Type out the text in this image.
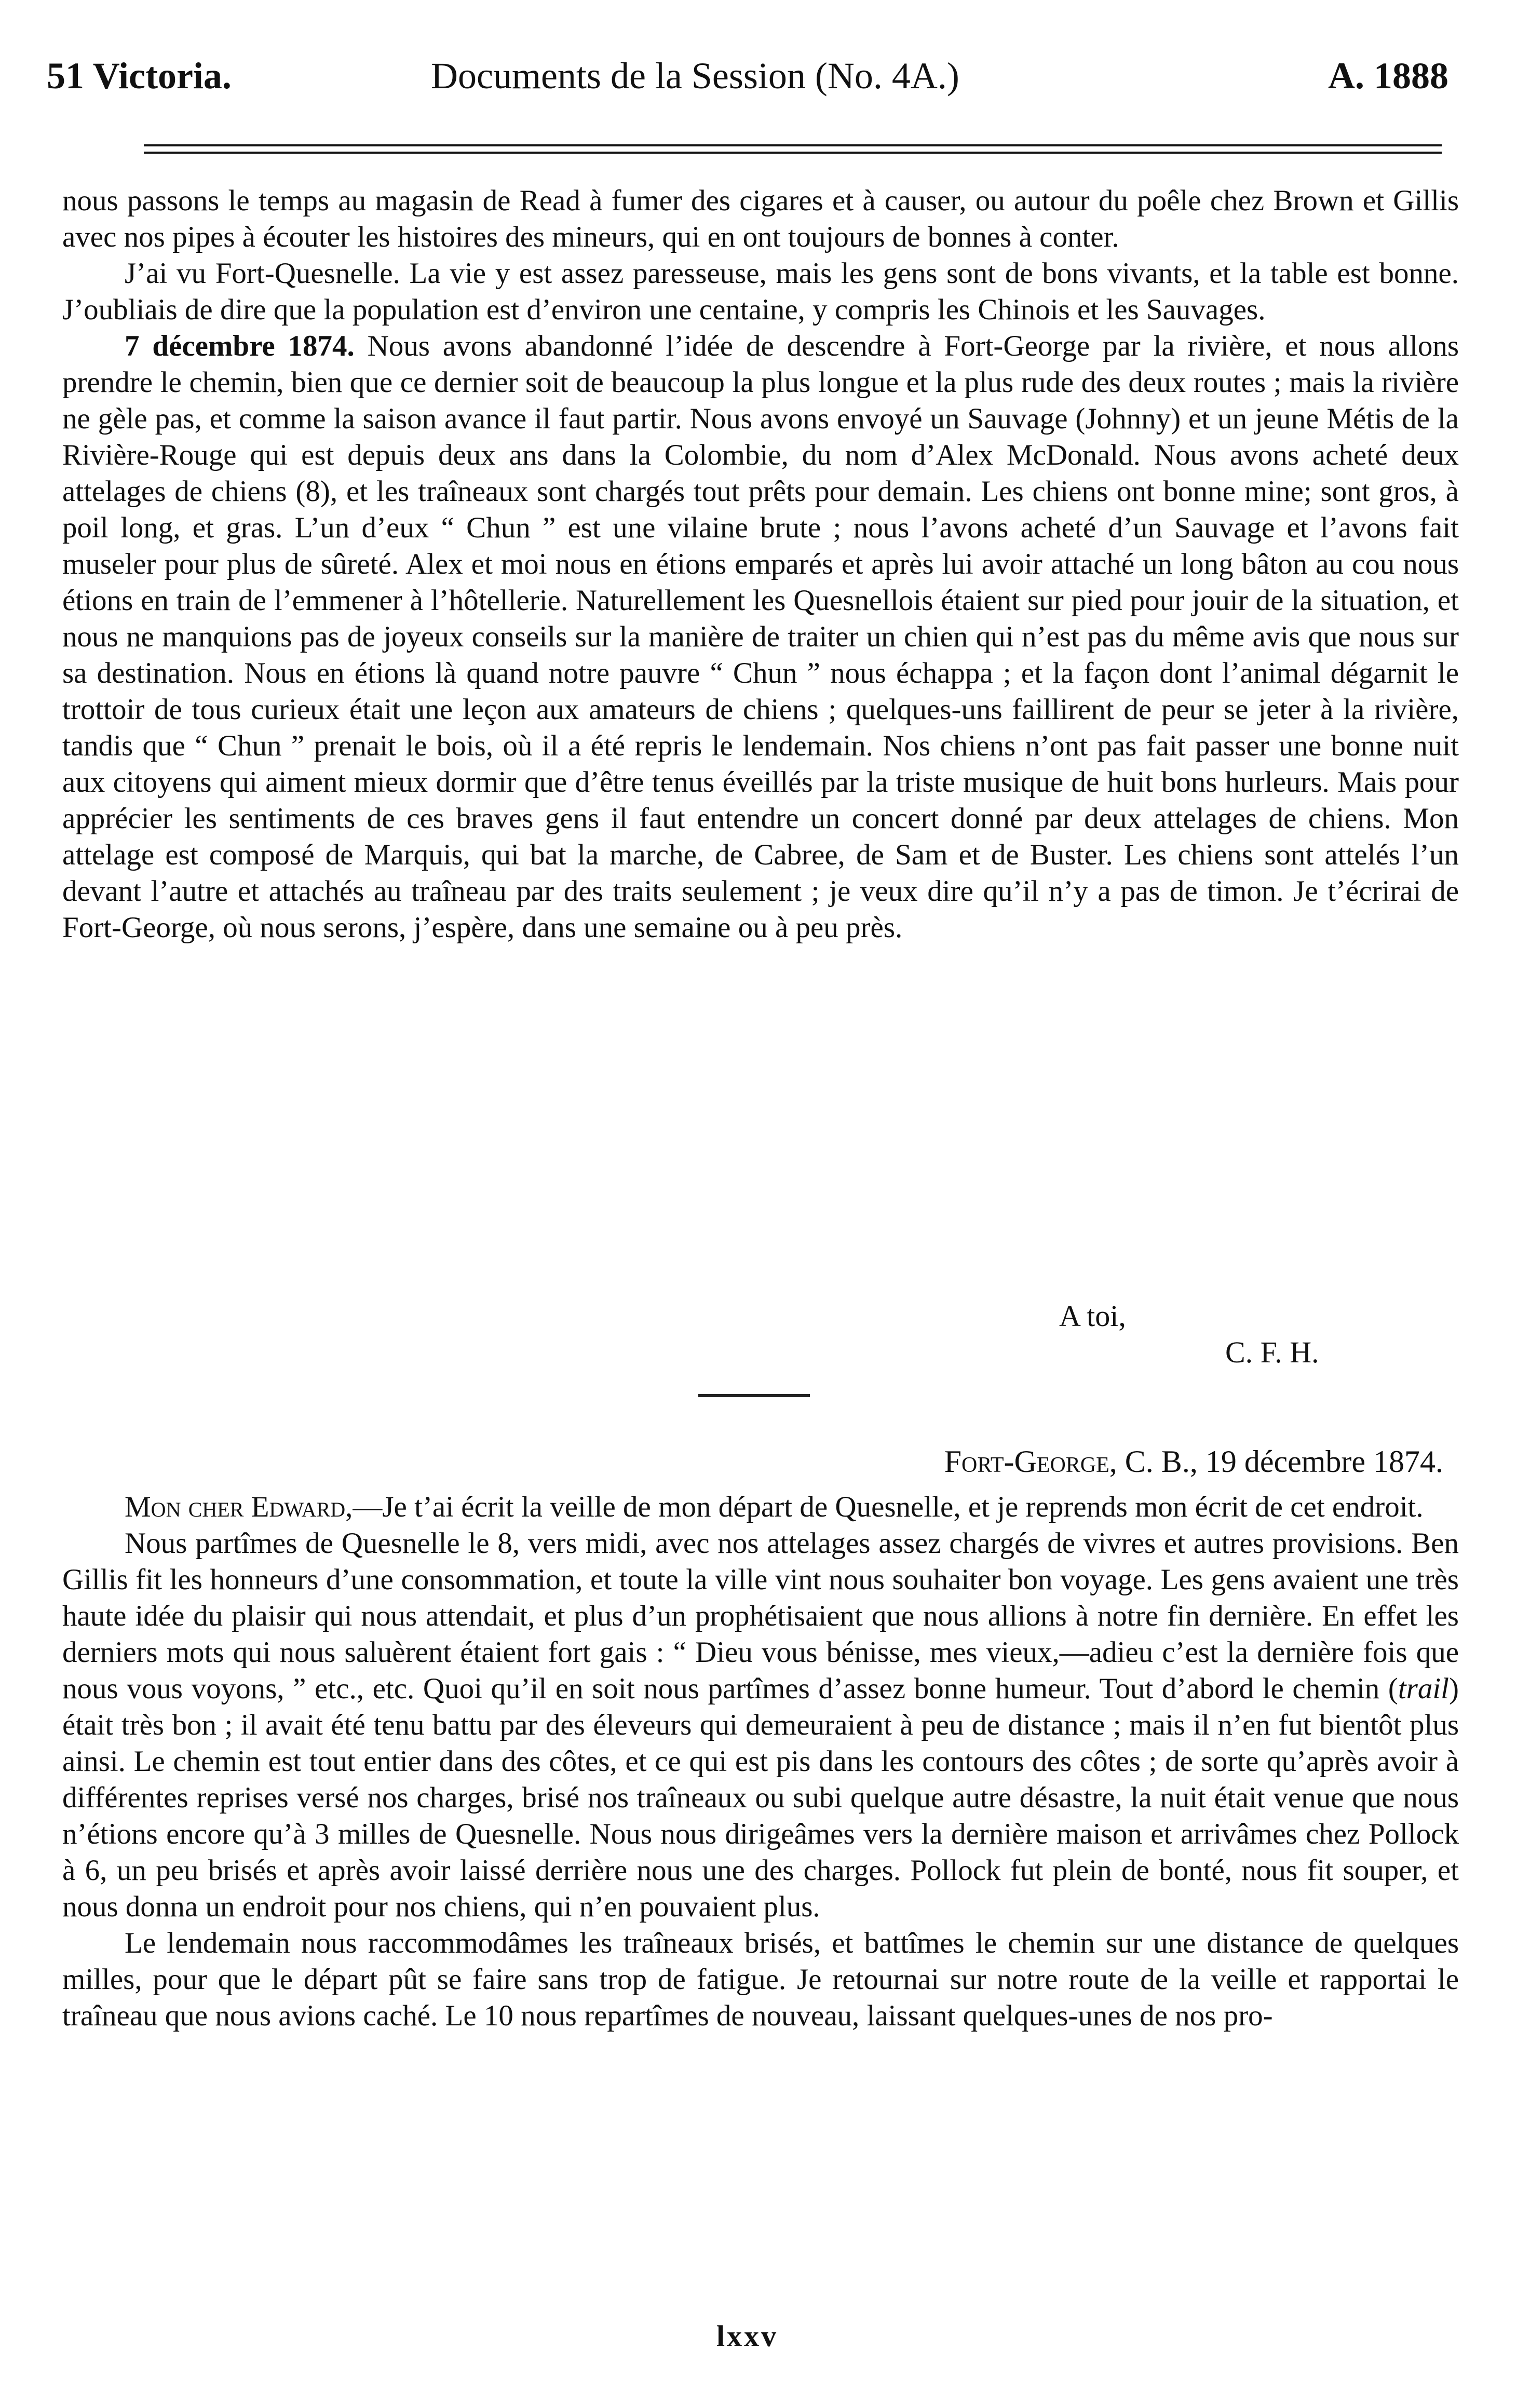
51 Victoria.	Documents de la Session (No. 4A.)	A. 1888

nous passons le temps au magasin de Read à fumer des cigares et à causer, ou autour du poêle chez Brown et Gillis avec nos pipes à écouter les histoires des mineurs, qui en ont toujours de bonnes à conter.

J’ai vu Fort-Quesnelle. La vie y est assez paresseuse, mais les gens sont de bons vivants, et la table est bonne. J’oubliais de dire que la population est d’environ une centaine, y compris les Chinois et les Sauvages.

7 décembre 1874. Nous avons abandonné l’idée de descendre à Fort-George par la rivière, et nous allons prendre le chemin, bien que ce dernier soit de beaucoup la plus longue et la plus rude des deux routes ; mais la rivière ne gèle pas, et comme la saison avance il faut partir. Nous avons envoyé un Sauvage (Johnny) et un jeune Métis de la Rivière-Rouge qui est depuis deux ans dans la Colombie, du nom d’Alex McDonald. Nous avons acheté deux attelages de chiens (8), et les traîneaux sont chargés tout prêts pour demain. Les chiens ont bonne mine; sont gros, à poil long, et gras. L’un d’eux “ Chun ” est une vilaine brute ; nous l’avons acheté d’un Sauvage et l’avons fait museler pour plus de sûreté. Alex et moi nous en étions emparés et après lui avoir attaché un long bâton au cou nous étions en train de l’emmener à l’hôtellerie. Naturellement les Quesnellois étaient sur pied pour jouir de la situation, et nous ne manquions pas de joyeux conseils sur la manière de traiter un chien qui n’est pas du même avis que nous sur sa destination. Nous en étions là quand notre pauvre “ Chun ” nous échappa ; et la façon dont l’animal dégarnit le trottoir de tous curieux était une leçon aux amateurs de chiens ; quelques-uns faillirent de peur se jeter à la rivière, tandis que “ Chun ” prenait le bois, où il a été repris le lendemain. Nos chiens n’ont pas fait passer une bonne nuit aux citoyens qui aiment mieux dormir que d’être tenus éveillés par la triste musique de huit bons hurleurs. Mais pour apprécier les sentiments de ces braves gens il faut entendre un concert donné par deux attelages de chiens. Mon attelage est composé de Marquis, qui bat la marche, de Cabree, de Sam et de Buster. Les chiens sont attelés l’un devant l’autre et attachés au traîneau par des traits seulement ; je veux dire qu’il n’y a pas de timon. Je t’écrirai de Fort-George, où nous serons, j’espère, dans une semaine ou à peu près.

A toi,
C. F. H.
Fort-George, C. B., 19 décembre 1874.

Mon cher Edward,—Je t’ai écrit la veille de mon départ de Quesnelle, et je reprends mon écrit de cet endroit.

Nous partîmes de Quesnelle le 8, vers midi, avec nos attelages assez chargés de vivres et autres provisions. Ben Gillis fit les honneurs d’une consommation, et toute la ville vint nous souhaiter bon voyage. Les gens avaient une très haute idée du plaisir qui nous attendait, et plus d’un prophétisaient que nous allions à notre fin dernière. En effet les derniers mots qui nous saluèrent étaient fort gais : “ Dieu vous bénisse, mes vieux,—adieu c’est la dernière fois que nous vous voyons, ” etc., etc. Quoi qu’il en soit nous partîmes d’assez bonne humeur. Tout d’abord le chemin (trail) était très bon ; il avait été tenu battu par des éleveurs qui demeuraient à peu de distance ; mais il n’en fut bientôt plus ainsi. Le chemin est tout entier dans des côtes, et ce qui est pis dans les contours des côtes ; de sorte qu’après avoir à différentes reprises versé nos charges, brisé nos traîneaux ou subi quelque autre désastre, la nuit était venue que nous n’étions encore qu’à 3 milles de Quesnelle. Nous nous dirigeâmes vers la dernière maison et arrivâmes chez Pollock à 6, un peu brisés et après avoir laissé derrière nous une des charges. Pollock fut plein de bonté, nous fit souper, et nous donna un endroit pour nos chiens, qui n’en pouvaient plus.

Le lendemain nous raccommodâmes les traîneaux brisés, et battîmes le chemin sur une distance de quelques milles, pour que le départ pût se faire sans trop de fatigue. Je retournai sur notre route de la veille et rapportai le traîneau que nous avions caché. Le 10 nous repartîmes de nouveau, laissant quelques-unes de nos pro-

lxxv
